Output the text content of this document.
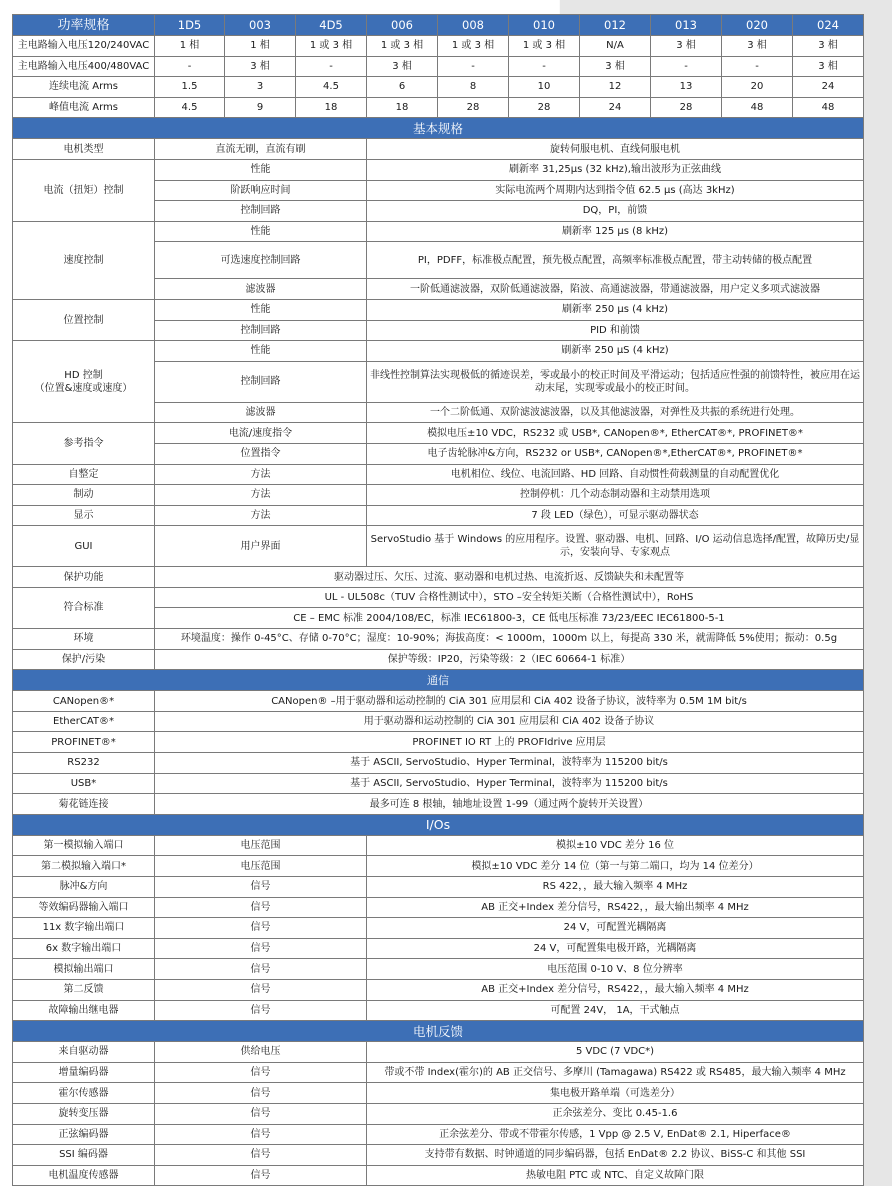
功率规格	1D5	003	4D5	006	008	010	012	013	020	024
主电路输入电压120/240VAC	1 相	1 相	1 或 3 相	1 或 3 相	1 或 3 相	1 或 3 相	N/A	3 相	3 相	3 相
主电路输入电压400/480VAC	-	3 相	-	3 相	-	-	3 相	-	-	3 相
连续电流 Arms	1.5	3	4.5	6	8	10	12	13	20	24
峰值电流 Arms	4.5	9	18	18	28	28	24	28	48	48
基本规格										
电机类型	直流无刷，直流有刷			旋转伺服电机、直线伺服电机						
电流（扭矩）控制	性能			刷新率 31,25μs (32 kHz),输出波形为正弦曲线						
	阶跃响应时间			实际电流两个周期内达到指令值 62.5 μs (高达 3kHz)						
	控制回路			DQ，PI，前馈						
速度控制	性能			刷新率 125 μs (8 kHz)						
	可选速度控制回路			PI，PDFF，标准极点配置，预先极点配置，高频率标准极点配置，带主动转储的极点配置						
	滤波器			一阶低通滤波器，双阶低通滤波器，陷波、高通滤波器，带通滤波器，用户定义多项式滤波器						
位置控制	性能			刷新率 250 μs (4 kHz)						
	控制回路			PID 和前馈						
HD 控制
（位置&速度或速度）	性能			刷新率 250 μS (4 kHz)						
	控制回路			非线性控制算法实现极低的循迹误差，零或最小的校正时间及平滑运动；包括适应性强的前馈特性，被应用在运动末尾，实现零或最小的校正时间。						
	滤波器			一个二阶低通、双阶滤波滤波器，以及其他滤波器，对弹性及共振的系统进行处理。						
参考指令	电流/速度指令			模拟电压±10 VDC，RS232 或 USB*, CANopen®*, EtherCAT®*, PROFINET®*						
	位置指令			电子齿轮脉冲&方向，RS232 or USB*, CANopen®*,EtherCAT®*, PROFINET®*						
自整定	方法			电机相位、线位、电流回路、HD 回路、自动惯性荷载测量的自动配置优化						
制动	方法			控制停机：几个动态制动器和主动禁用选项						
显示	方法			7 段 LED（绿色），可显示驱动器状态						
GUI	用户界面			ServoStudio 基于 Windows 的应用程序。设置、驱动器、电机、回路、I/O 运动信息选择/配置，故障历史/显示，安装向导、专家观点						
保护功能	驱动器过压、欠压、过流、驱动器和电机过热、电流折返、反馈缺失和未配置等									
符合标准	UL - UL508c（TUV 合格性测试中），STO –安全转矩关断（合格性测试中），RoHS									
	CE – EMC 标准 2004/108/EC，标准 IEC61800-3，CE 低电压标准 73/23/EEC IEC61800-5-1									
环境	环境温度：操作 0-45°C、存储 0-70°C；湿度：10-90%；海拔高度：< 1000m，1000m 以上，每提高 330 米，就需降低 5%使用；振动：0.5g									
保护/污染	保护等级：IP20，污染等级：2（IEC 60664-1 标准）									
通信										
CANopen®*	CANopen® –用于驱动器和运动控制的 CiA 301 应用层和 CiA 402 设备子协议，波特率为 0.5M 1M bit/s									
EtherCAT®*	用于驱动器和运动控制的 CiA 301 应用层和 CiA 402 设备子协议									
PROFINET®*	PROFINET IO RT 上的 PROFIdrive 应用层									
RS232	基于 ASCII, ServoStudio、Hyper Terminal，波特率为 115200 bit/s									
USB*	基于 ASCII, ServoStudio、Hyper Terminal，波特率为 115200 bit/s									
菊花链连接	最多可连 8 根轴，轴地址设置 1-99（通过两个旋转开关设置）									
I/Os										
第一模拟输入端口	电压范围			模拟±10 VDC 差分 16 位						
第二模拟输入端口*	电压范围			模拟±10 VDC 差分 14 位（第一与第二端口，均为 14 位差分）						
脉冲&方向	信号			RS 422，，最大输入频率 4 MHz						
等效编码器输入端口	信号			AB 正交+Index 差分信号，RS422，，最大输出频率 4 MHz						
11x 数字输出端口	信号			24 V，可配置光耦隔离						
6x 数字输出端口	信号			24 V，可配置集电极开路，光耦隔离						
模拟输出端口	信号			电压范围 0-10 V、8 位分辨率						
第二反馈	信号			AB 正交+Index 差分信号，RS422，，最大输入频率 4 MHz						
故障输出继电器	信号			可配置 24V， 1A，干式触点						
电机反馈										
来自驱动器	供给电压			5 VDC (7 VDC*)						
增量编码器	信号			带或不带 Index(霍尔)的 AB 正交信号、多摩川 (Tamagawa) RS422 或 RS485，最大输入频率 4 MHz						
霍尔传感器	信号			集电极开路单端（可选差分）						
旋转变压器	信号			正余弦差分、变比 0.45-1.6						
正弦编码器	信号			正余弦差分、带或不带霍尔传感，1 Vpp @ 2.5 V, EnDat® 2.1, Hiperface®						
SSI 编码器	信号			支持带有数据、时钟通道的同步编码器，包括 EnDat® 2.2 协议、BiSS-C 和其他 SSI						
电机温度传感器	信号			热敏电阻 PTC 或 NTC、自定义故障门限						
